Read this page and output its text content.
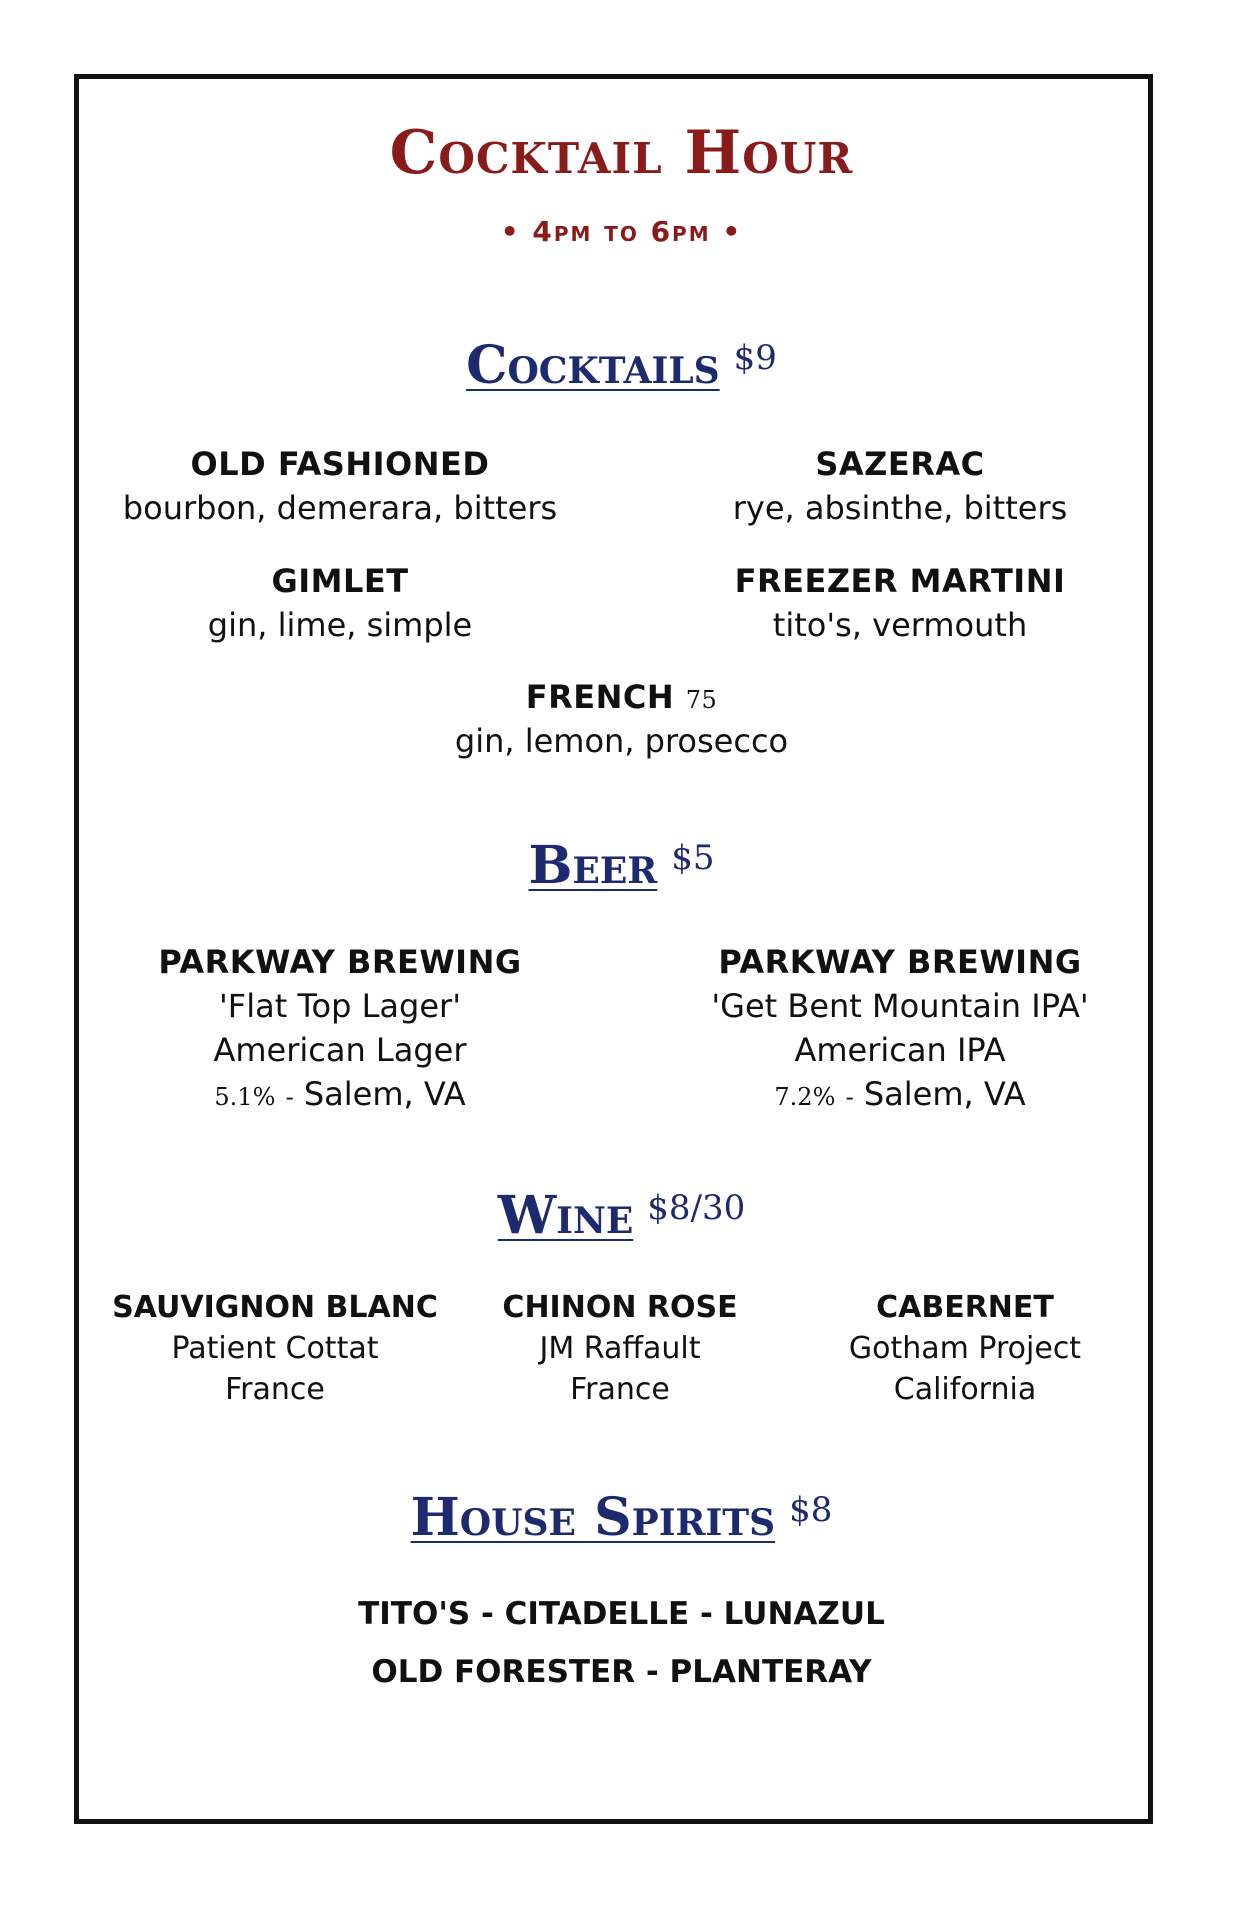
Cocktail Hour
• 4pm to 6pm •
Cocktails $9
OLD FASHIONED
bourbon, demerara, bitters
SAZERAC
rye, absinthe, bitters
GIMLET
gin, lime, simple
FREEZER MARTINI
tito's, vermouth
FRENCH 75
gin, lemon, prosecco
Beer $5
PARKWAY BREWING
'Flat Top Lager'
American Lager
5.1% - Salem, VA
PARKWAY BREWING
'Get Bent Mountain IPA'
American IPA
7.2% - Salem, VA
Wine $8/30
SAUVIGNON BLANC
Patient Cottat
France
CHINON ROSE
JM Raffault
France
CABERNET
Gotham Project
California
House Spirits $8
TITO'S - CITADELLE - LUNAZUL
OLD FORESTER - PLANTERAY
